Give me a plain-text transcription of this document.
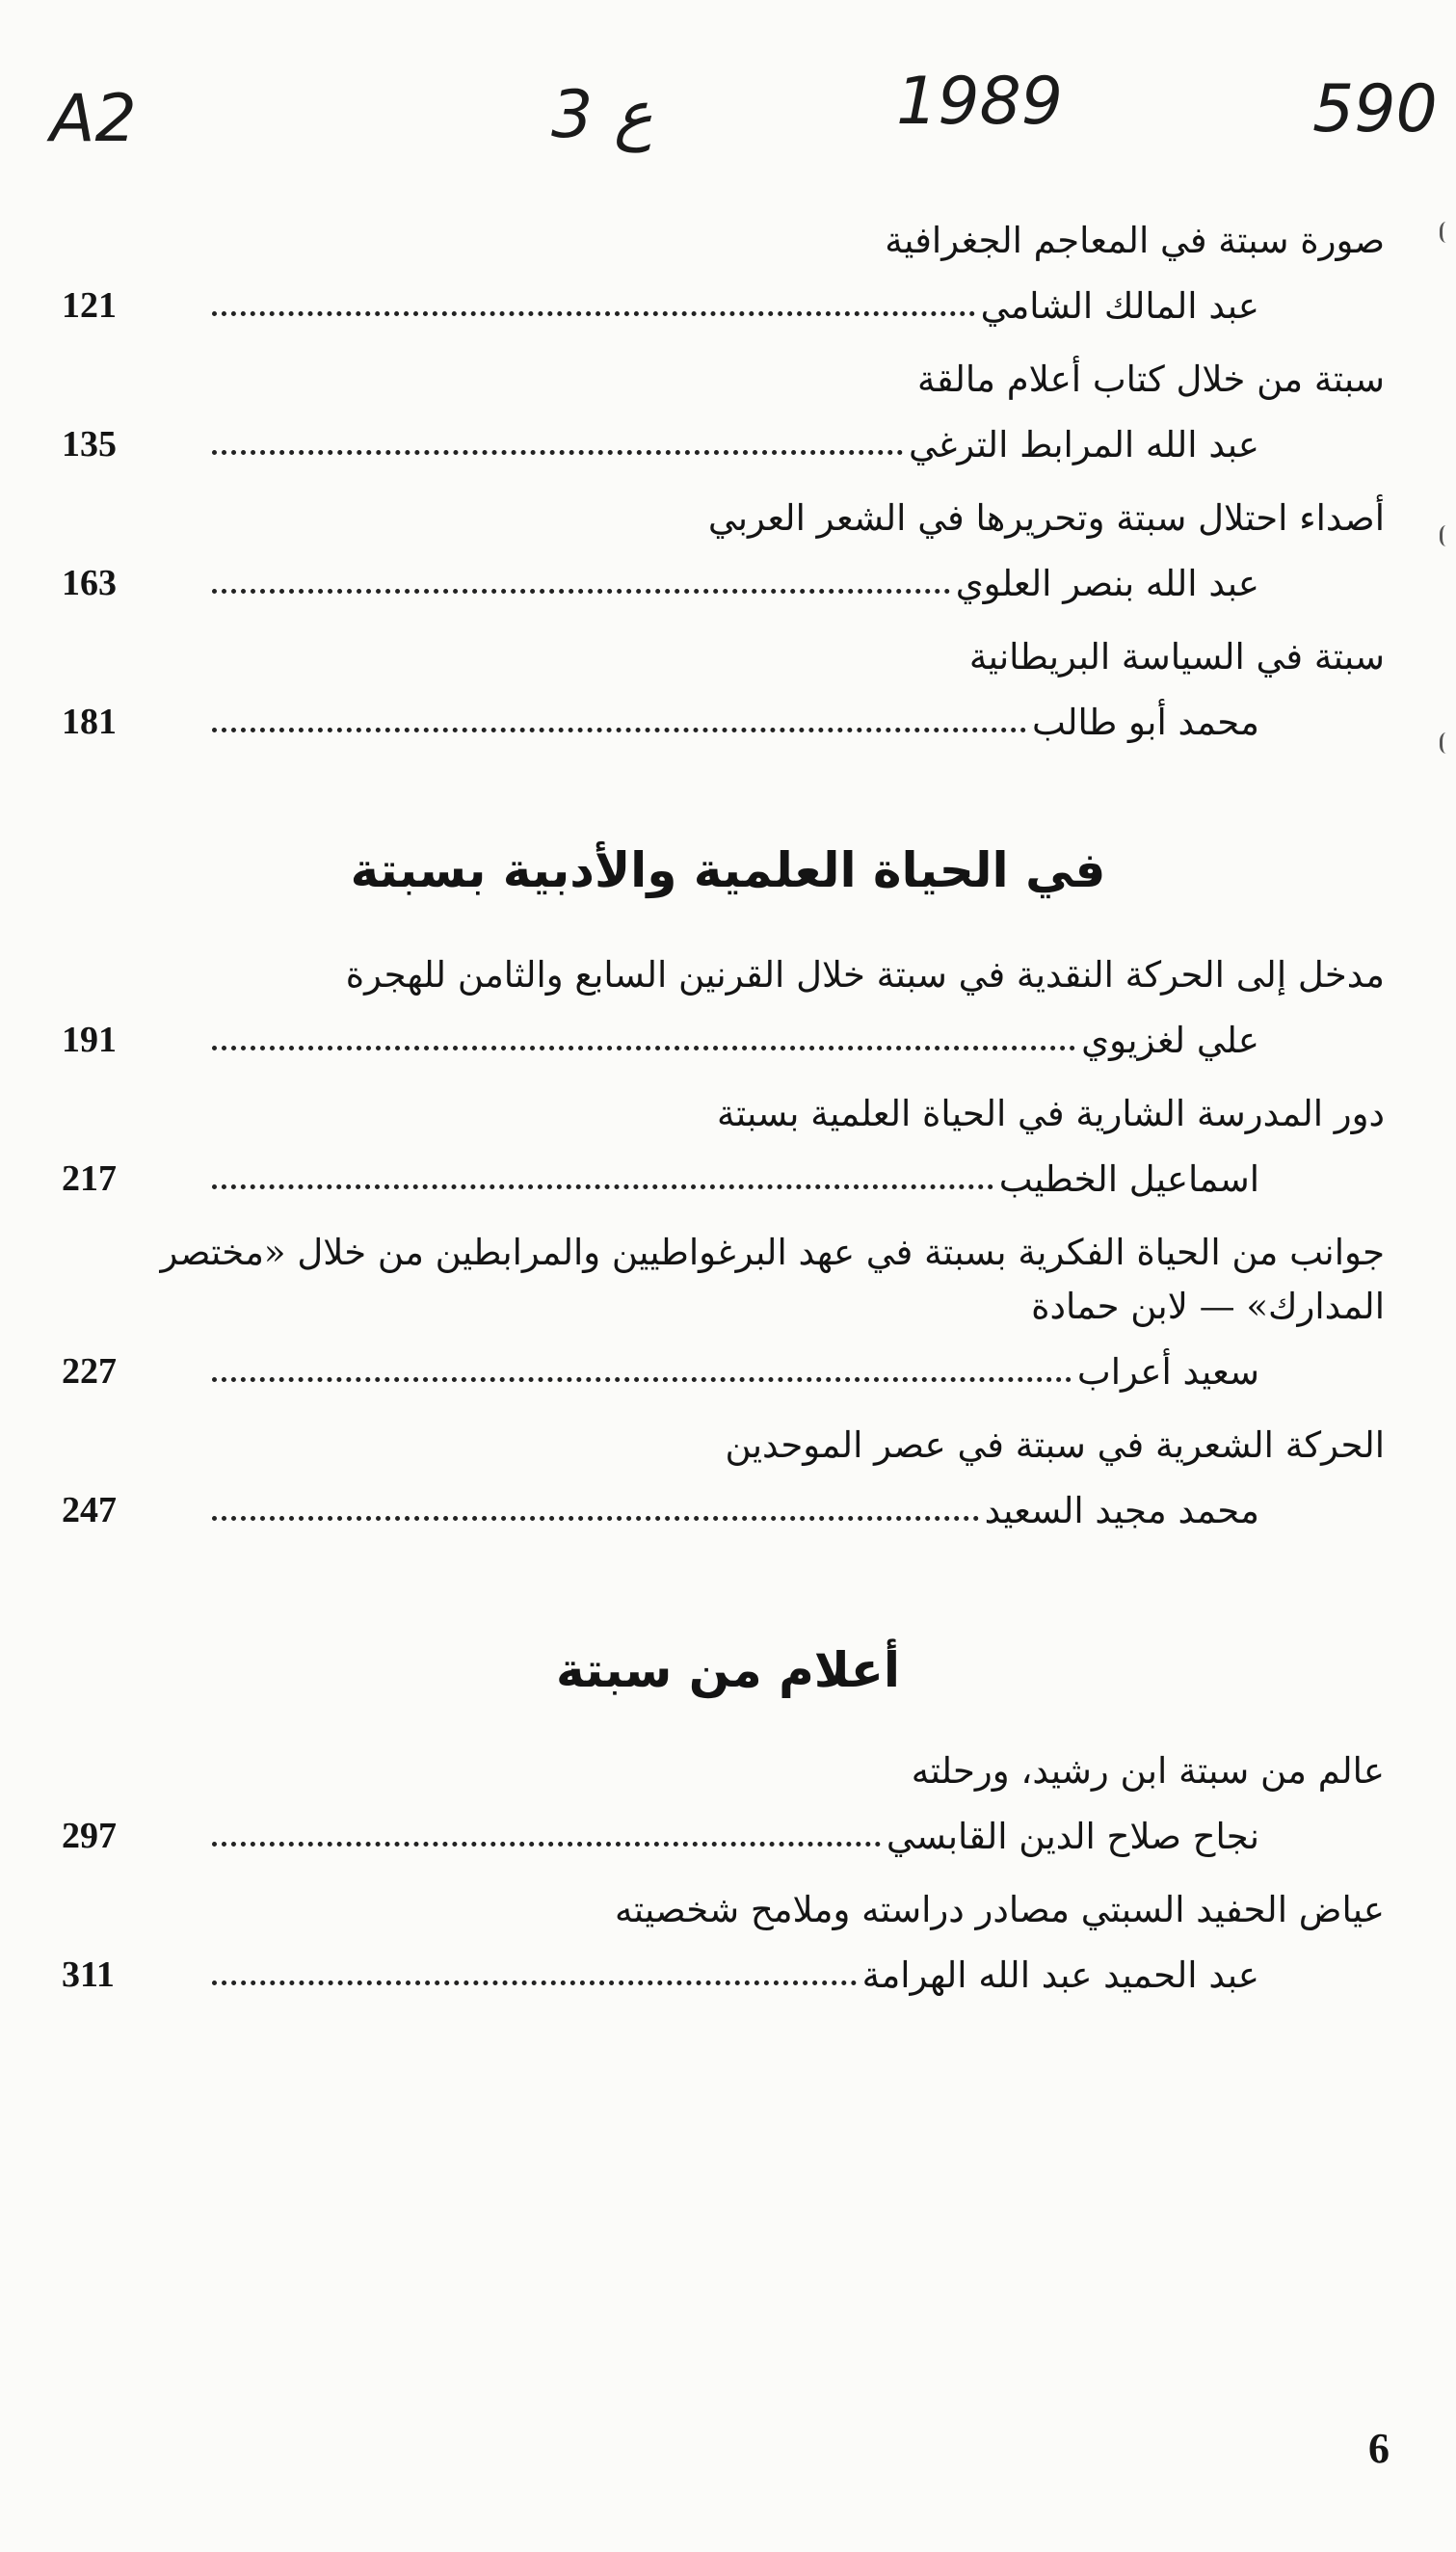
A2	3 ع	1989	590
صورة سبتة في المعاجم الجغرافية
121	عبد المالك الشامي
سبتة من خلال كتاب أعلام مالقة
135	عبد الله المرابط الترغي
أصداء احتلال سبتة وتحريرها في الشعر العربي
163	عبد الله بنصر العلوي
سبتة في السياسة البريطانية
181	محمد أبو طالب
في الحياة العلمية والأدبية بسبتة
مدخل إلى الحركة النقدية في سبتة خلال القرنين السابع والثامن للهجرة
191	علي لغزيوي
دور المدرسة الشارية في الحياة العلمية بسبتة
217	اسماعيل الخطيب
جوانب من الحياة الفكرية بسبتة في عهد البرغواطيين والمرابطين من خلال «مختصر المدارك» — لابن حمادة
227	سعيد أعراب
الحركة الشعرية في سبتة في عصر الموحدين
247	محمد مجيد السعيد
أعلام من سبتة
عالم من سبتة ابن رشيد، ورحلته
297	نجاح صلاح الدين القابسي
عياض الحفيد السبتي مصادر دراسته وملامح شخصيته
311	عبد الحميد عبد الله الهرامة
6
